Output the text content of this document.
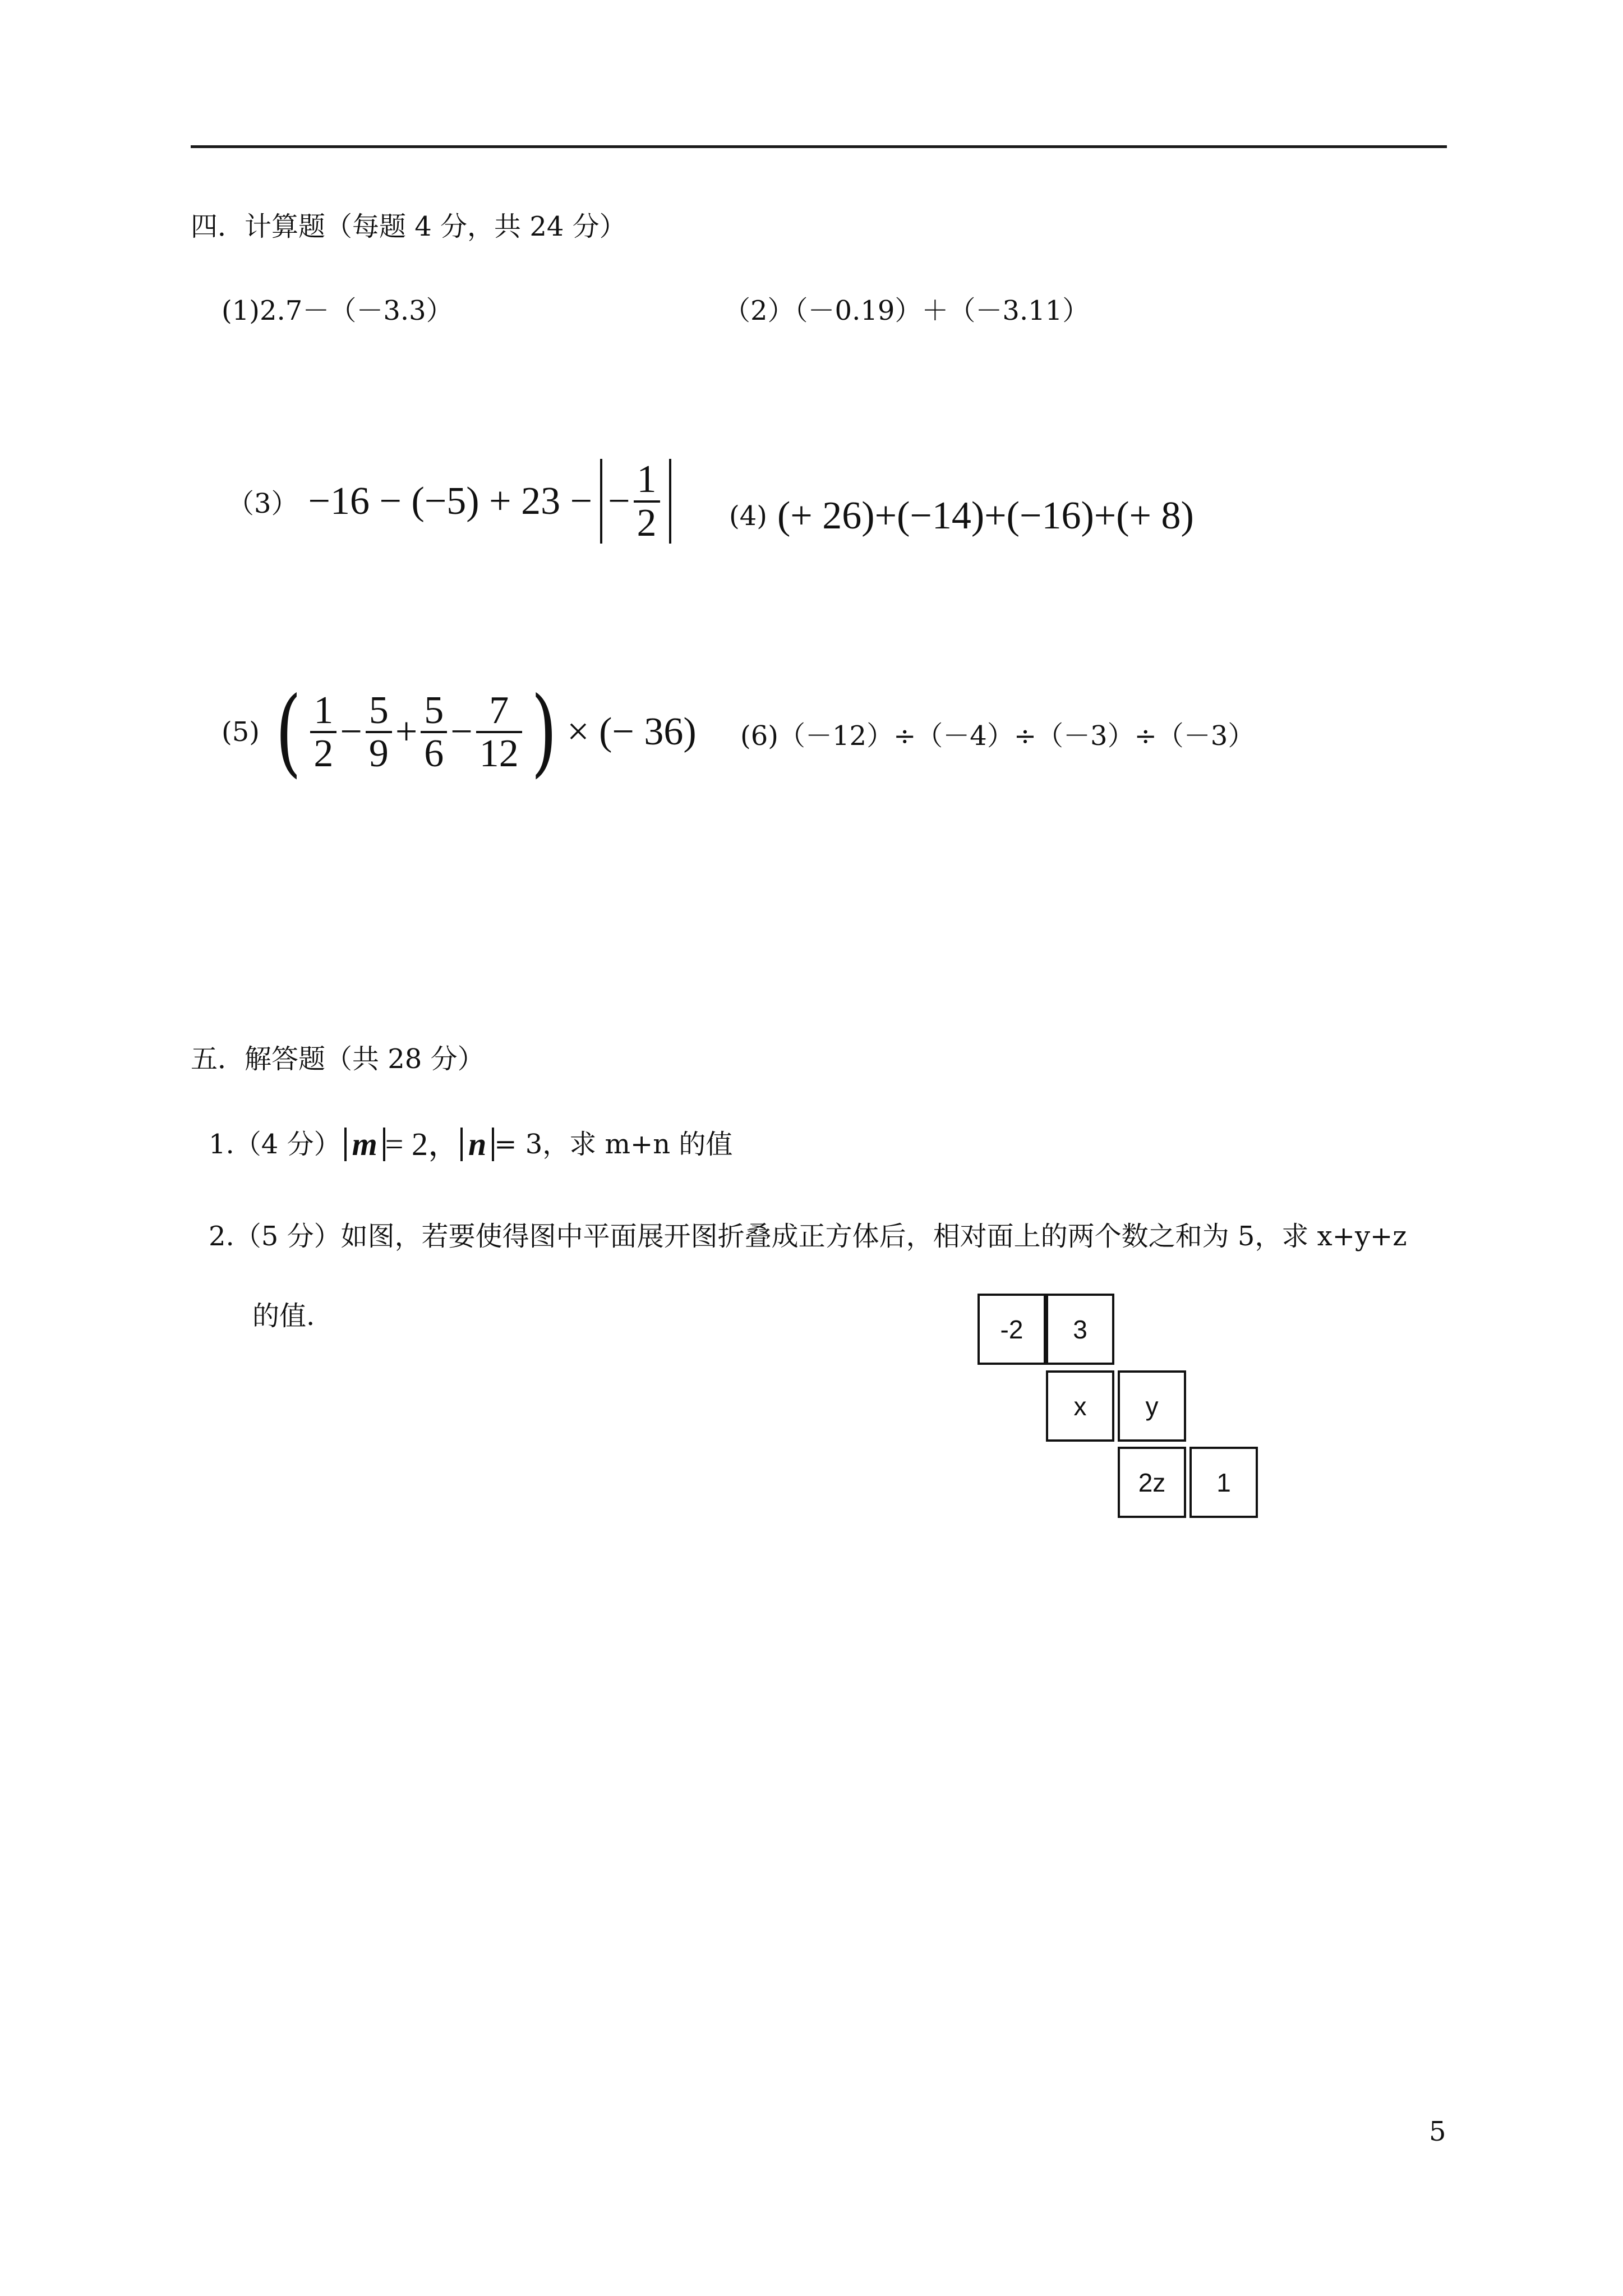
四．计算题（每题 4 分，共 24 分）
(1)2.7－（－3.3）	（2）（－0.19）＋（－3.11）
（3） −16 − (−5) + 23 − − $\frac{1}{2}$	(4) (+ 26)+(−14)+(−16)+(+ 8)
(5) ( $\frac{1}{2} - \frac{5}{9} + \frac{5}{6} - \frac{7}{12}$ ) × (− 36) (6)（－12）÷（－4）÷（－3）÷（－3）
五．解答题（共 28 分）
1.（4 分） m = 2， n = 3，求 m+n 的值
2.（5 分）如图，若要使得图中平面展开图折叠成正方体后，相对面上的两个数之和为 5，求 x+y+z
的值.	-2	3
x	y
2z	1
5
